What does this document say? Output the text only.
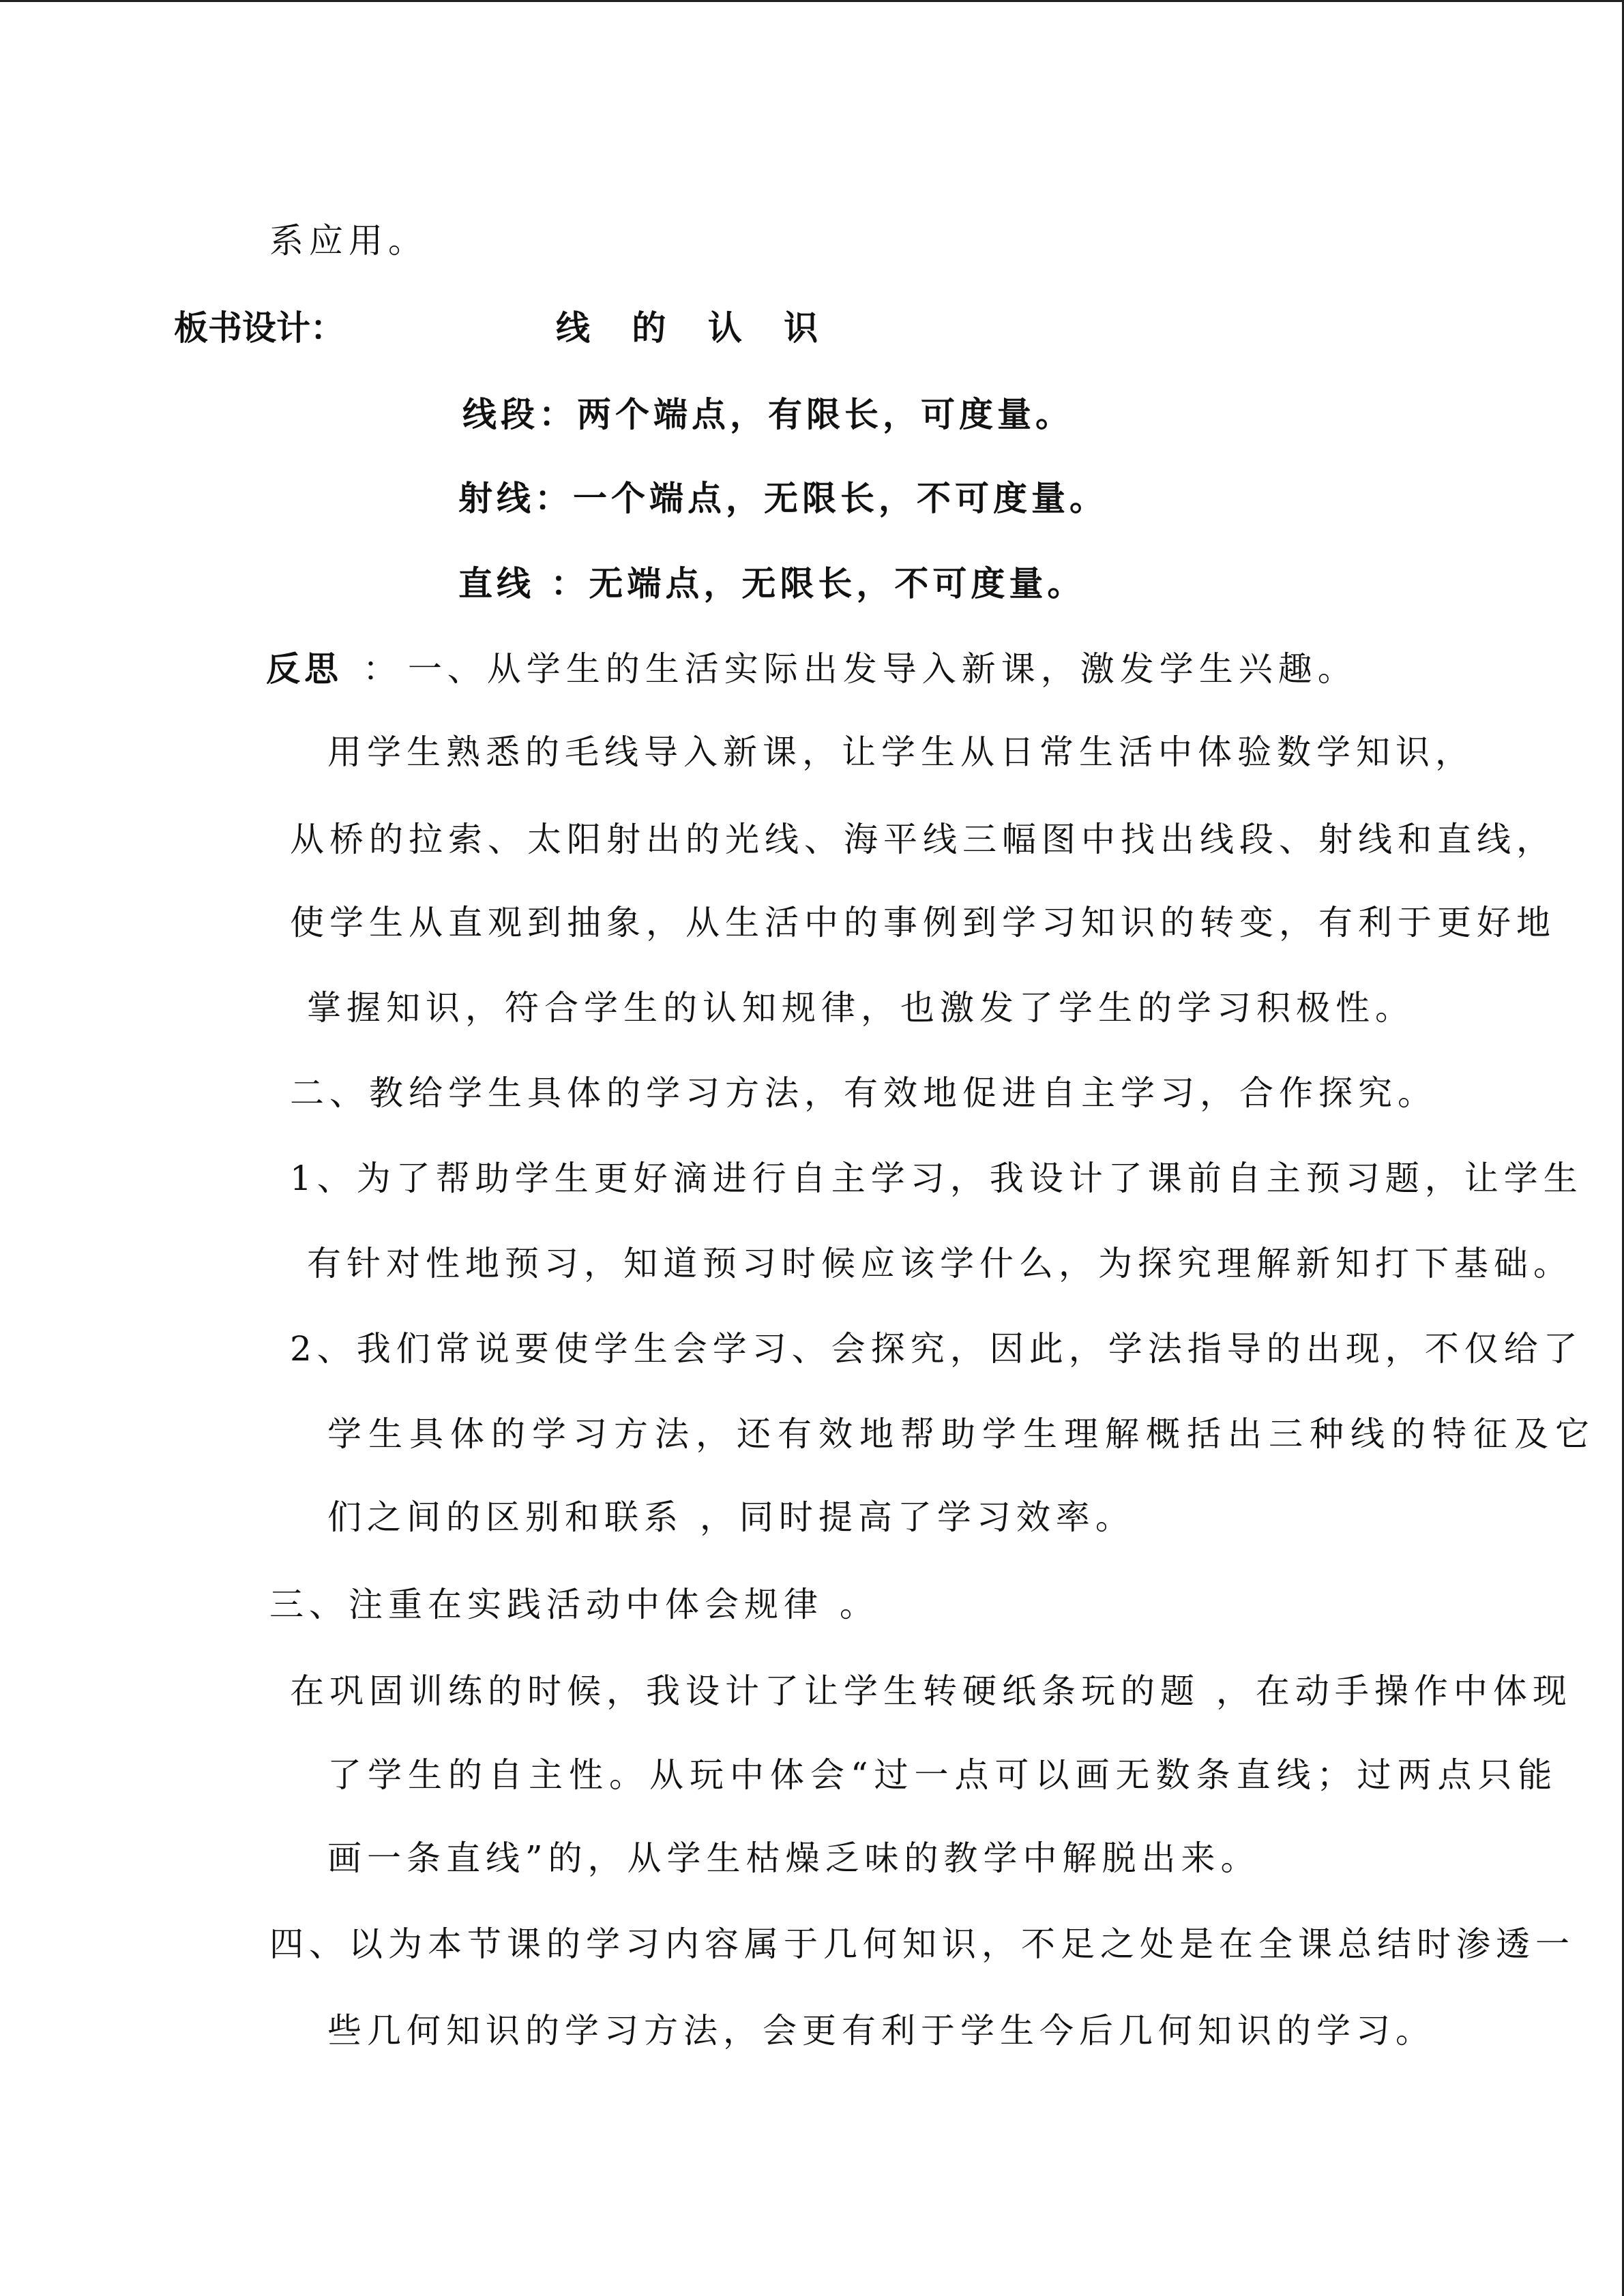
系应用。

板书设计：	线 的 认 识

线段：两个端点，有限长，可度量。

射线：一个端点，无限长，不可度量。

直线 ：无端点，无限长，不可度量。

反思 ： 一、从学生的生活实际出发导入新课，激发学生兴趣。

用学生熟悉的毛线导入新课，让学生从日常生活中体验数学知识，

从桥的拉索、太阳射出的光线、海平线三幅图中找出线段、射线和直线，

使学生从直观到抽象，从生活中的事例到学习知识的转变，有利于更好地

掌握知识，符合学生的认知规律，也激发了学生的学习积极性。

二、教给学生具体的学习方法，有效地促进自主学习，合作探究。

1、为了帮助学生更好滴进行自主学习，我设计了课前自主预习题，让学生

有针对性地预习，知道预习时候应该学什么，为探究理解新知打下基础。

2、我们常说要使学生会学习、会探究，因此，学法指导的出现，不仅给了

学生具体的学习方法，还有效地帮助学生理解概括出三种线的特征及它

们之间的区别和联系 ，同时提高了学习效率。

三、注重在实践活动中体会规律 。

在巩固训练的时候，我设计了让学生转硬纸条玩的题 ，在动手操作中体现

了学生的自主性。从玩中体会“过一点可以画无数条直线；过两点只能

画一条直线”的，从学生枯燥乏味的教学中解脱出来。

四、以为本节课的学习内容属于几何知识，不足之处是在全课总结时渗透一

些几何知识的学习方法，会更有利于学生今后几何知识的学习。
